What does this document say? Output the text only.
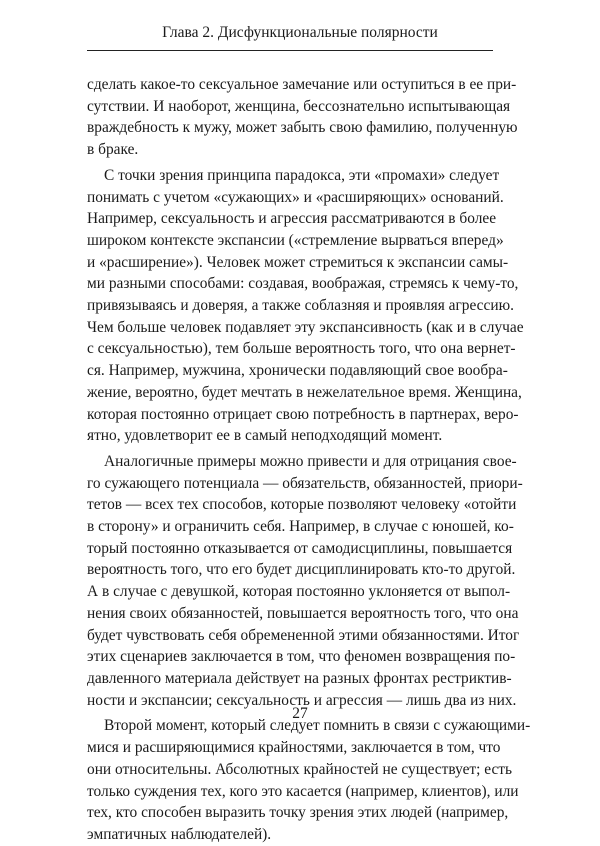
Глава 2. Дисфункциональные полярности

сделать какое-то сексуальное замечание или оступиться в ее при-
сутствии. И наоборот, женщина, бессознательно испытывающая
враждебность к мужу, может забыть свою фамилию, полученную
в браке.

С точки зрения принципа парадокса, эти «промахи» следует
понимать с учетом «сужающих» и «расширяющих» оснований.
Например, сексуальность и агрессия рассматриваются в более
широком контексте экспансии («стремление вырваться вперед»
и «расширение»). Человек может стремиться к экспансии самы-
ми разными способами: создавая, воображая, стремясь к чему-то,
привязываясь и доверяя, а также соблазняя и проявляя агрессию.
Чем больше человек подавляет эту экспансивность (как и в случае
с сексуальностью), тем больше вероятность того, что она вернет-
ся. Например, мужчина, хронически подавляющий свое вообра-
жение, вероятно, будет мечтать в нежелательное время. Женщина,
которая постоянно отрицает свою потребность в партнерах, веро-
ятно, удовлетворит ее в самый неподходящий момент.

Аналогичные примеры можно привести и для отрицания свое-
го сужающего потенциала — обязательств, обязанностей, приори-
тетов — всех тех способов, которые позволяют человеку «отойти
в сторону» и ограничить себя. Например, в случае с юношей, ко-
торый постоянно отказывается от самодисциплины, повышается
вероятность того, что его будет дисциплинировать кто-то другой.
А в случае с девушкой, которая постоянно уклоняется от выпол-
нения своих обязанностей, повышается вероятность того, что она
будет чувствовать себя обремененной этими обязанностями. Итог
этих сценариев заключается в том, что феномен возвращения по-
давленного материала действует на разных фронтах рестриктив-
ности и экспансии; сексуальность и агрессия — лишь два из них.

Второй момент, который следует помнить в связи с сужающими-
мися и расширяющимися крайностями, заключается в том, что
они относительны. Абсолютных крайностей не существует; есть
только суждения тех, кого это касается (например, клиентов), или
тех, кто способен выразить точку зрения этих людей (например,
эмпатичных наблюдателей).

27
